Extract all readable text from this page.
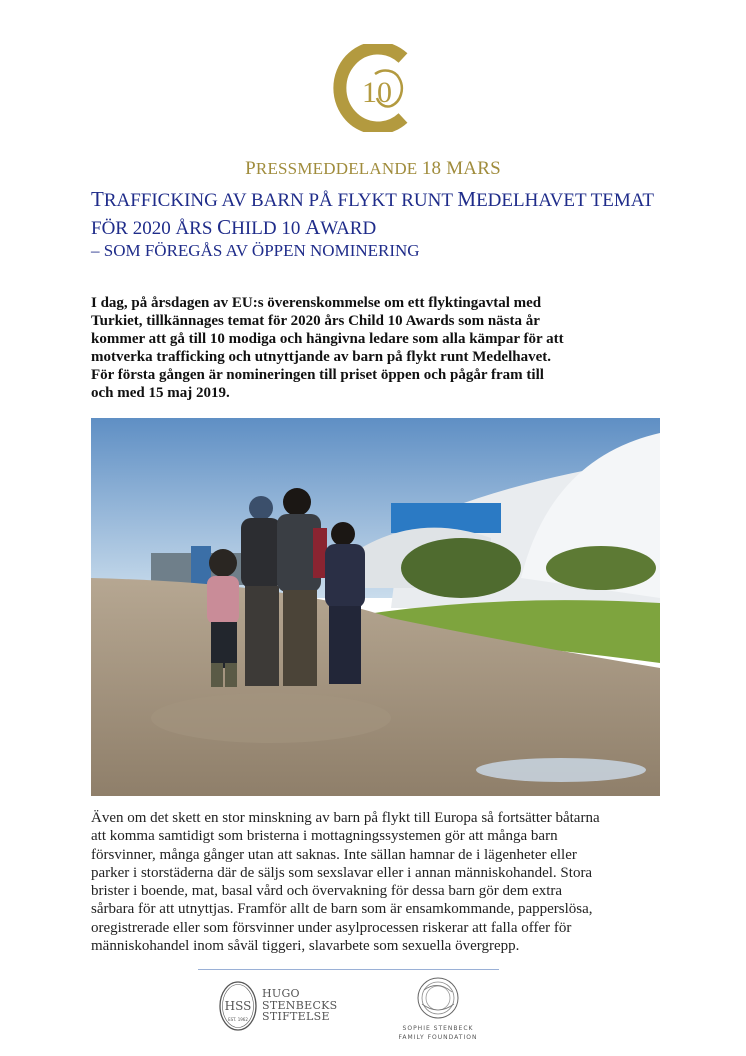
10
PRESSMEDDELANDE 18 MARS
TRAFFICKING AV BARN PÅ FLYKT RUNT MEDELHAVET TEMAT
FÖR 2020 ÅRS CHILD 10 AWARD
– SOM FÖREGÅS AV ÖPPEN NOMINERING
I dag, på årsdagen av EU:s överenskommelse om ett flyktingavtal med
Turkiet, tillkännages temat för 2020 års Child 10 Awards som nästa år
kommer att gå till 10 modiga och hängivna ledare som alla kämpar för att
motverka trafficking och utnyttjande av barn på flykt runt Medelhavet.
För första gången är nomineringen till priset öppen och pågår fram till
och med 15 maj 2019.
Även om det skett en stor minskning av barn på flykt till Europa så fortsätter båtarna
att komma samtidigt som bristerna i mottagningssystemen gör att många barn
försvinner, många gånger utan att saknas. Inte sällan hamnar de i lägenheter eller
parker i storstäderna där de säljs som sexslavar eller i annan människohandel. Stora
brister i boende, mat, basal vård och övervakning för dessa barn gör dem extra
sårbara för att utnyttjas. Framför allt de barn som är ensamkommande, papperslösa,
oregistrerade eller som försvinner under asylprocessen riskerar att falla offer för
människohandel inom såväl tiggeri, slavarbete som sexuella övergrepp.
HSS
EST. 1962
HUGO
STENBECKS
STIFTELSE
SOPHIE STENBECK
FAMILY FOUNDATION
